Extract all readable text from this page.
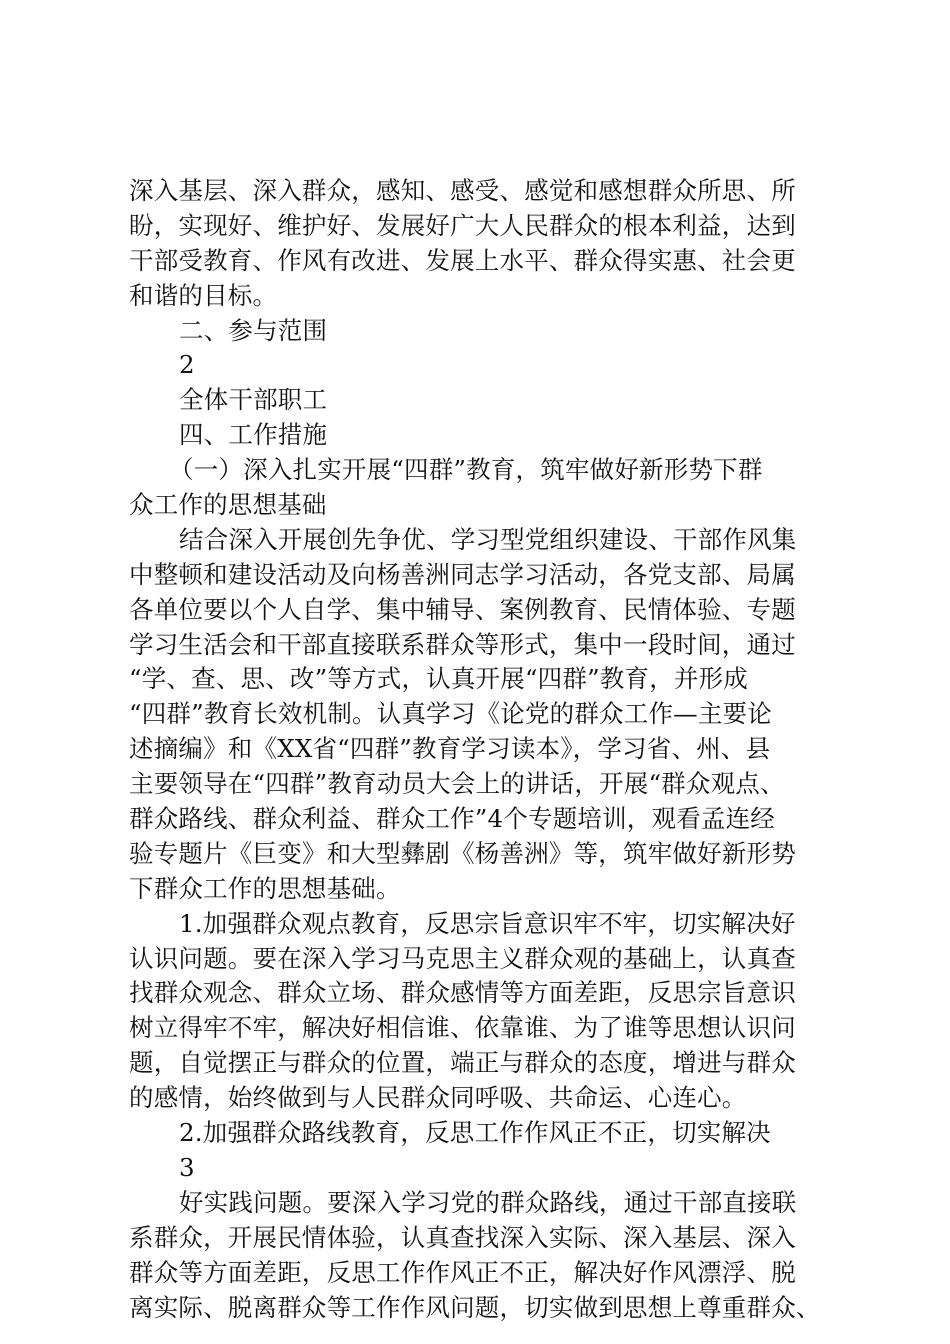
深入基层、深入群众，感知、感受、感觉和感想群众所思、所
盼，实现好、维护好、发展好广大人民群众的根本利益，达到
干部受教育、作风有改进、发展上水平、群众得实惠、社会更
和谐的目标。
二、参与范围
2
全体干部职工
四、工作措施
（一）深入扎实开展“四群”教育，筑牢做好新形势下群
众工作的思想基础
结合深入开展创先争优、学习型党组织建设、干部作风集
中整顿和建设活动及向杨善洲同志学习活动，各党支部、局属
各单位要以个人自学、集中辅导、案例教育、民情体验、专题
学习生活会和干部直接联系群众等形式，集中一段时间，通过
“学、查、思、改”等方式，认真开展“四群”教育，并形成
“四群”教育长效机制。认真学习《论党的群众工作—主要论
述摘编》和《XX省“四群”教育学习读本》，学习省、州、县
主要领导在“四群”教育动员大会上的讲话，开展“群众观点、
群众路线、群众利益、群众工作”4个专题培训，观看孟连经
验专题片《巨变》和大型彝剧《杨善洲》等，筑牢做好新形势
下群众工作的思想基础。
1.加强群众观点教育，反思宗旨意识牢不牢，切实解决好
认识问题。要在深入学习马克思主义群众观的基础上，认真查
找群众观念、群众立场、群众感情等方面差距，反思宗旨意识
树立得牢不牢，解决好相信谁、依靠谁、为了谁等思想认识问
题，自觉摆正与群众的位置，端正与群众的态度，增进与群众
的感情，始终做到与人民群众同呼吸、共命运、心连心。
2.加强群众路线教育，反思工作作风正不正，切实解决
3
好实践问题。要深入学习党的群众路线，通过干部直接联
系群众，开展民情体验，认真查找深入实际、深入基层、深入
群众等方面差距，反思工作作风正不正，解决好作风漂浮、脱
离实际、脱离群众等工作作风问题，切实做到思想上尊重群众、
